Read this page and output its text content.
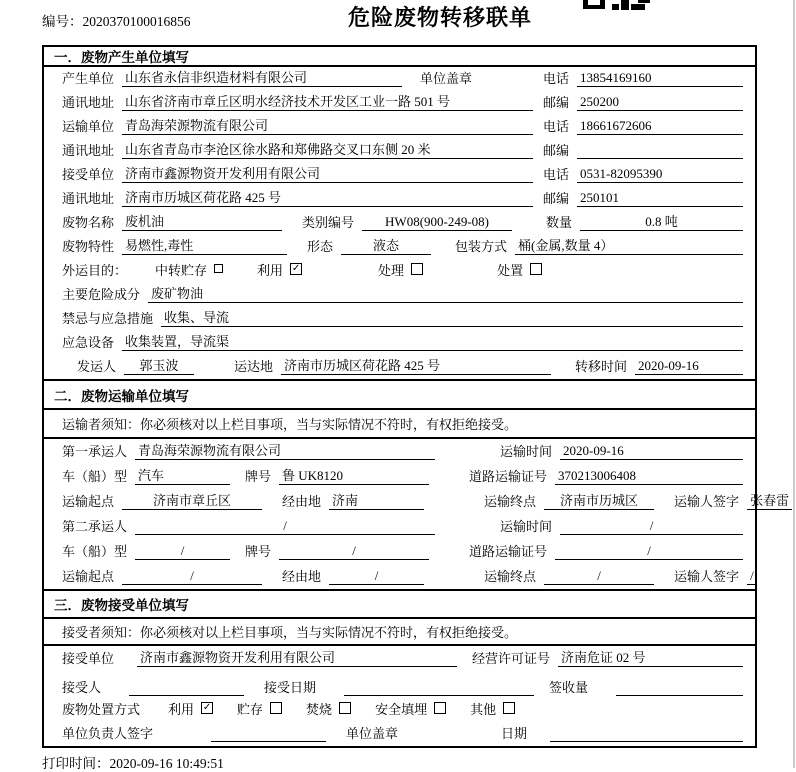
编号：2020370100016856	危险废物转移联单
一．废物产生单位填写
产生单位 山东省永信非织造材料有限公司	单位盖章	电话 13854169160
通讯地址 山东省济南市章丘区明水经济技术开发区工业一路 501 号	邮编 250200
运输单位 青岛海荣源物流有限公司	电话 18661672606
通讯地址 山东省青岛市李沧区徐水路和郑佛路交叉口东侧 20 米	邮编
接受单位 济南市鑫源物资开发利用有限公司	电话 0531-82095390
通讯地址 济南市历城区荷花路 425 号	邮编 250101
废物名称 废机油	类别编号	HW08(900-249-08)	数量	0.8 吨
废物特性 易燃性,毒性	形态	液态	包装方式 桶(金属,数量 4）
外运目的： 中转贮存	利用 ✓	处理	处置
主要危险成分 废矿物油
禁忌与应急措施 收集、导流
应急设备 收集装置，导流渠
发运人	郭玉波	运达地 济南市历城区荷花路 425 号	转移时间 2020-09-16
二．废物运输单位填写
运输者须知：你必须核对以上栏目事项，当与实际情况不符时，有权拒绝接受。
第一承运人 青岛海荣源物流有限公司	运输时间 2020-09-16
车（船）型 汽车	牌号 鲁 UK8120	道路运输证号 370213006408
运输起点	济南市章丘区	经由地 济南	运输终点	济南市历城区	运输人签字 张春雷
第二承运人	/	运输时间	/
车（船）型	/	牌号	/	道路运输证号	/
运输起点	/	经由地	/	运输终点	/	运输人签字 /
三．废物接受单位填写
接受者须知：你必须核对以上栏目事项，当与实际情况不符时，有权拒绝接受。
接受单位 济南市鑫源物资开发利用有限公司	经营许可证号 济南危证 02 号
接受人	接受日期	签收量
废物处置方式 利用 ✓ 贮存	焚烧	安全填埋	其他
单位负责人签字	单位盖章	日期
打印时间：2020-09-16 10:49:51
